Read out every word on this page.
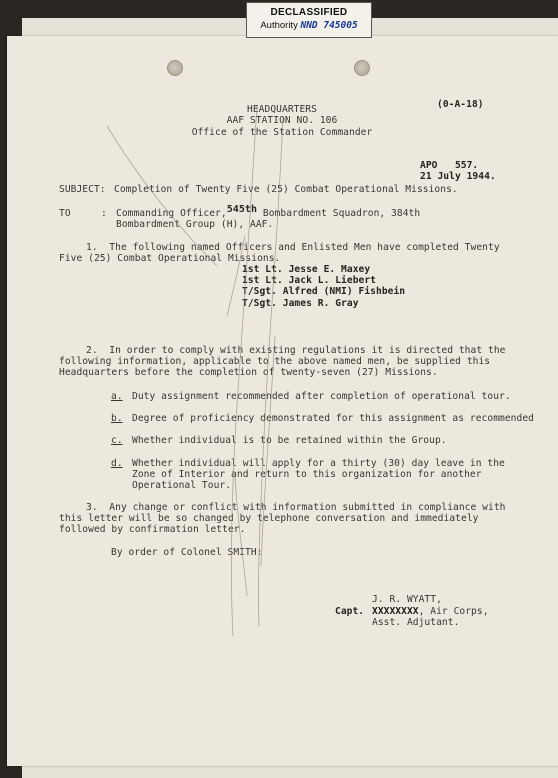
DECLASSIFIED
Authority NND 745005
HEADQUARTERS
AAF STATION NO. 106
Office of the Station Commander
(0-A-18)
APO   557.
21 July 1944.
SUBJECT: Completion of Twenty Five (25) Combat Operational Missions.
TO	: Commanding Officer,545th Bombardment Squadron, 384th
Bombardment Group (H), AAF.
1.  The following named Officers and Enlisted Men have completed Twenty
Five (25) Combat Operational Missions.
1st Lt. Jesse E. Maxey
1st Lt. Jack L. Liebert
T/Sgt. Alfred (NMI) Fishbein
T/Sgt. James R. Gray
2.  In order to comply with existing regulations it is directed that the
following information, applicable to the above named men, be supplied this
Headquarters before the completion of twenty-seven (27) Missions.
a. Duty assignment recommended after completion of operational tour.
b. Degree of proficiency demonstrated for this assignment as recommended
c. Whether individual is to be retained within the Group.
d. Whether individual will apply for a thirty (30) day leave in the
Zone of Interior and return to this organization for another
Operational Tour.
3.  Any change or conflict with information submitted in compliance with
this letter will be so changed by telephone conversation and immediately
followed by confirmation letter.
By order of Colonel SMITH:
J. R. WYATT,
Capt. XXXXXXXX, Air Corps,
Asst. Adjutant.
